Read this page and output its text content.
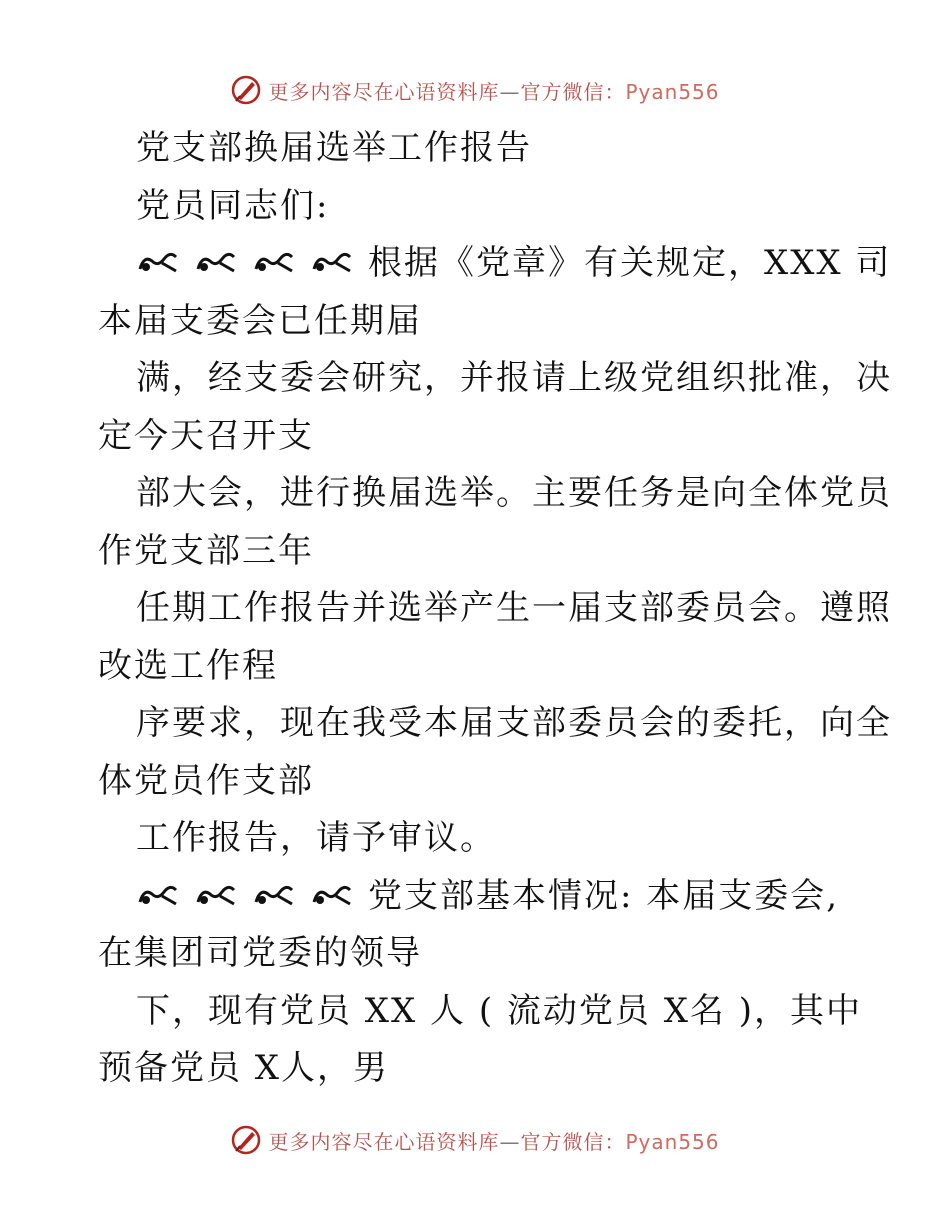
更多内容尽在心语资料库—官方微信：Pyan556
党支部换届选举工作报告
党员同志们:
根据《党章》有关规定，XXX 司
本届支委会已任期届
满，经支委会研究，并报请上级党组织批准，决
定今天召开支
部大会，进行换届选举。主要任务是向全体党员
作党支部三年
任期工作报告并选举产生一届支部委员会。遵照
改选工作程
序要求，现在我受本届支部委员会的委托，向全
体党员作支部
工作报告，请予审议。
党支部基本情况: 本届支委会,
在集团司党委的领导
下，现有党员 XX 人 ( 流动党员 X名 )，其中
预备党员 X人，男
更多内容尽在心语资料库—官方微信：Pyan556
